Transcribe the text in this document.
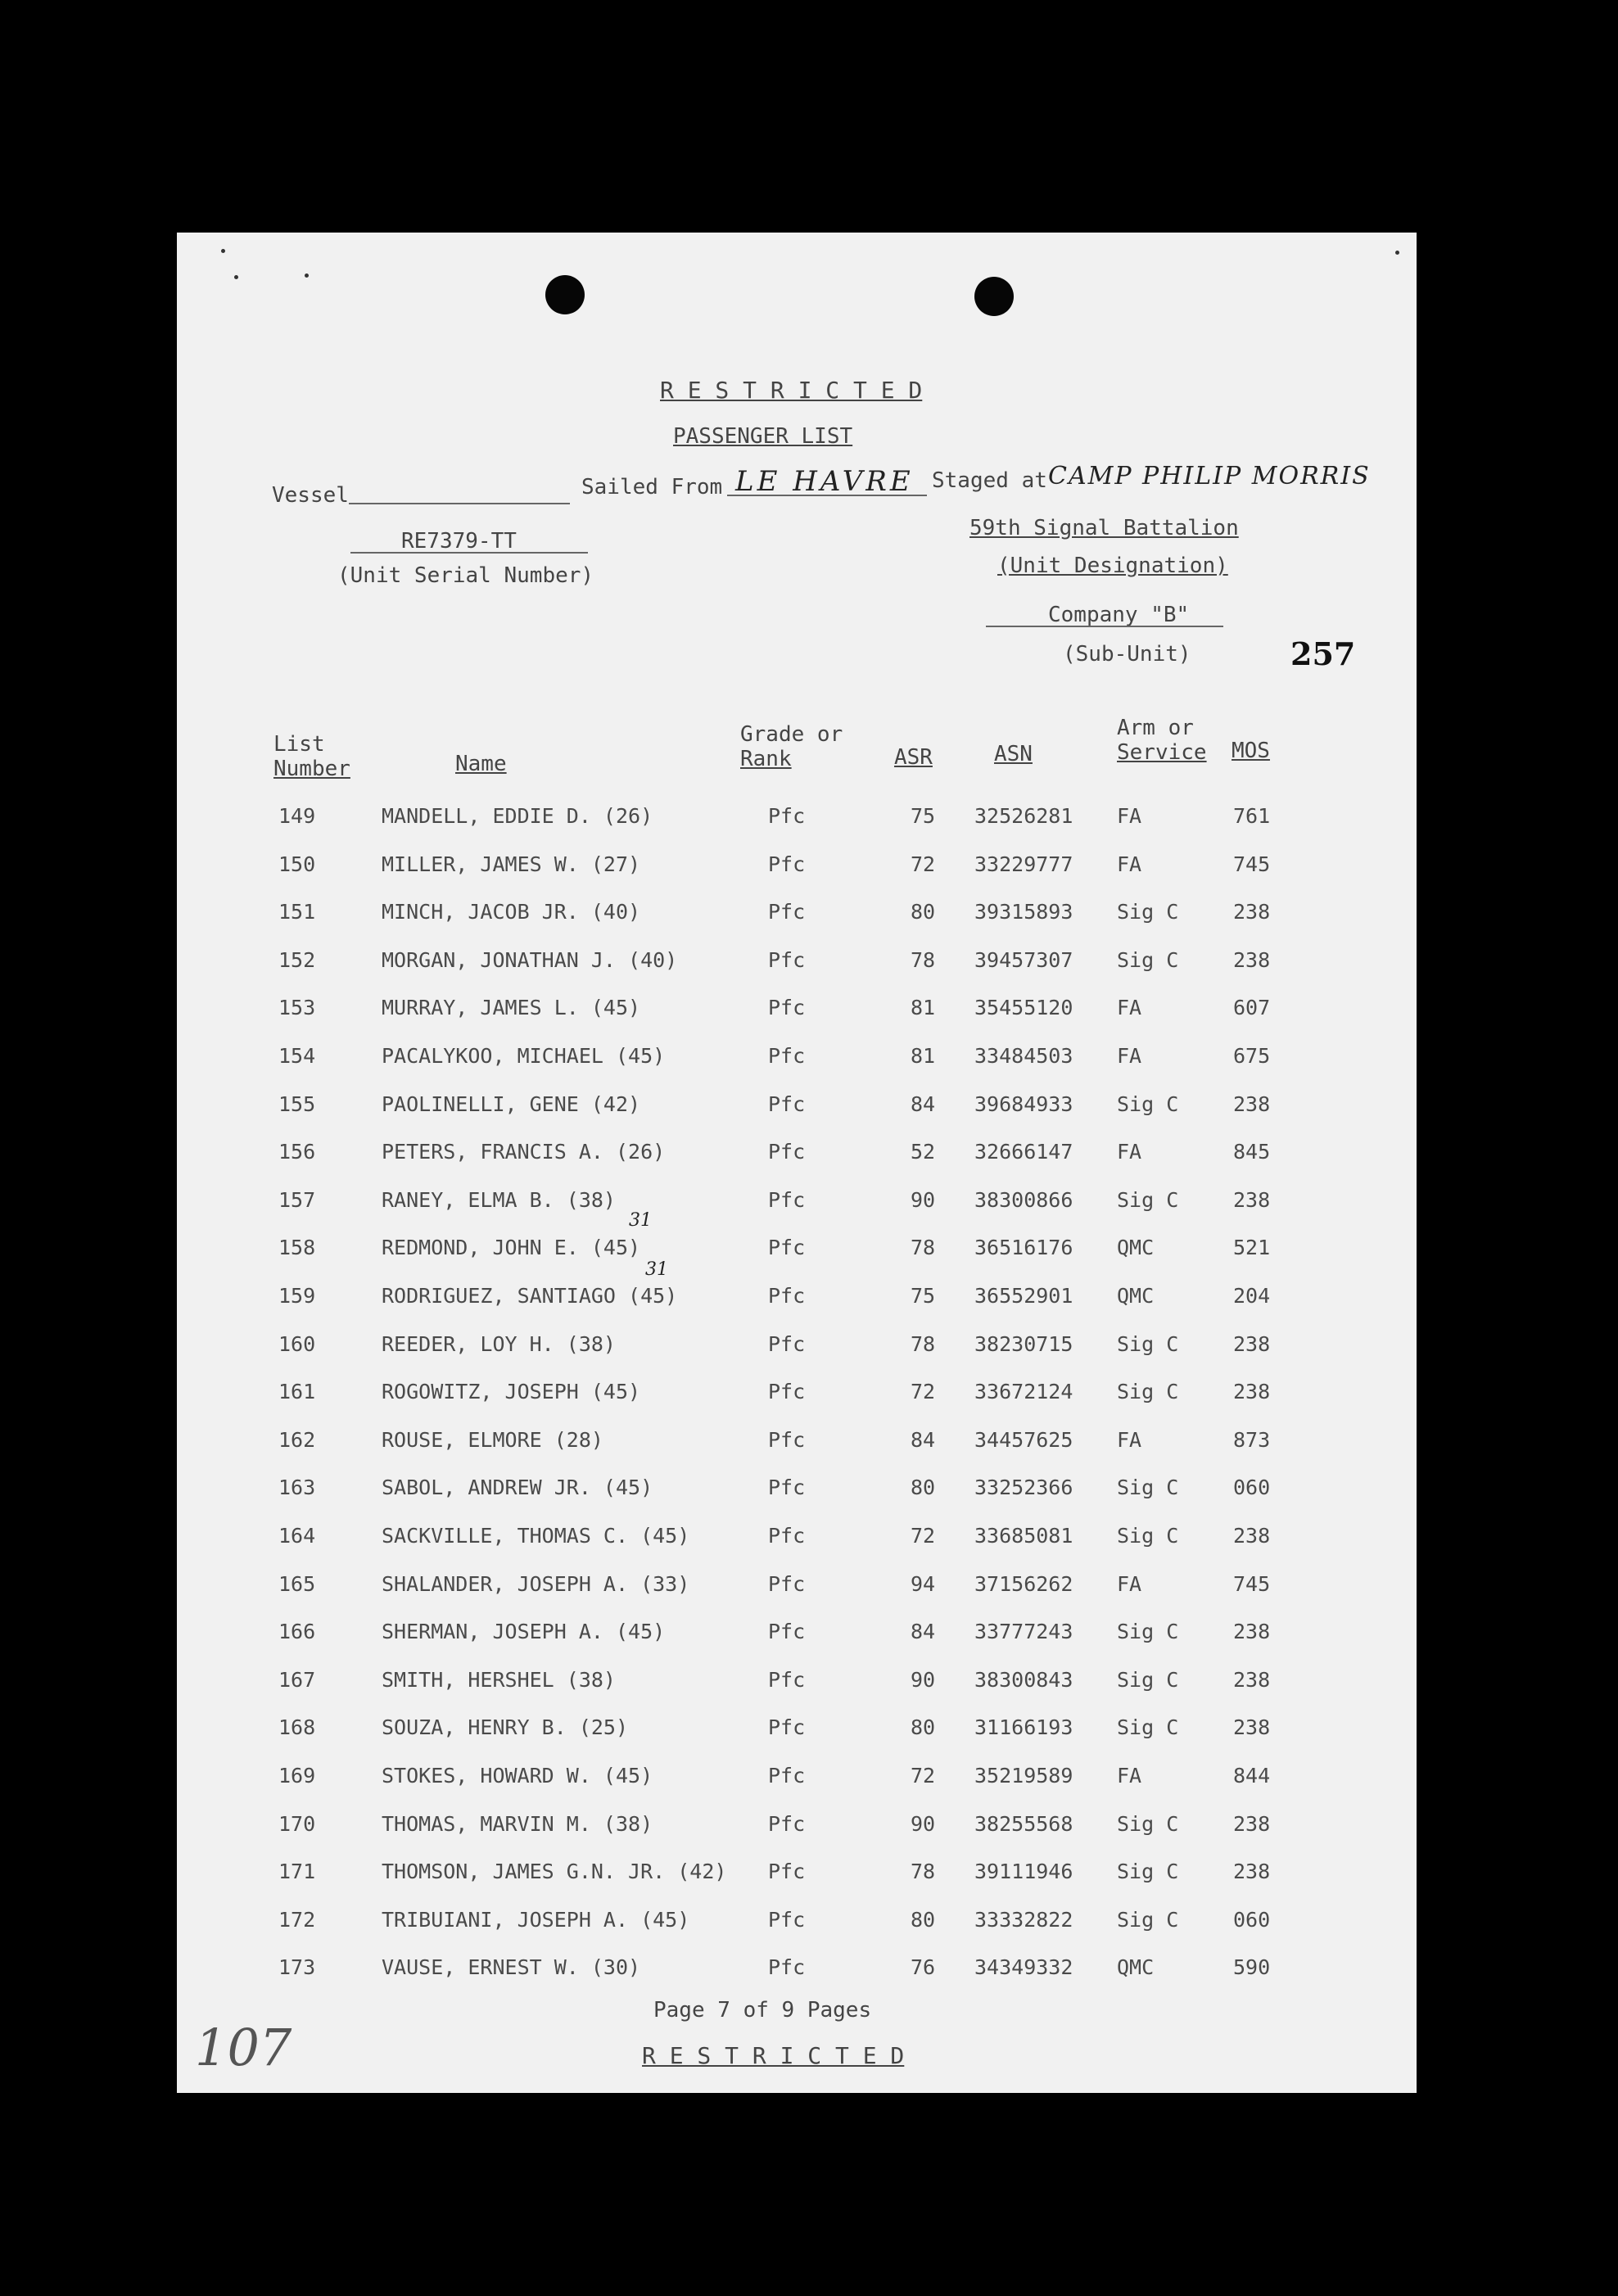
R E S T R I C T E D
PASSENGER LIST
Vessel	Sailed From LE HAVRE Staged at CAMP PHILIP MORRIS
RE7379-TT
(Unit Serial Number)
59th Signal Battalion
(Unit Designation)
Company "B"
(Sub-Unit)	257
List
Number	Name
Grade or
Rank	ASR	ASN
Arm or
Service MOS
149	MANDELL, EDDIE D. (26)	Pfc	75 32526281 FA	761
150	MILLER, JAMES W. (27)	Pfc	72 33229777 FA	745
151	MINCH, JACOB JR. (40)	Pfc	80 39315893 Sig C	238
152	MORGAN, JONATHAN J. (40)	Pfc	78 39457307 Sig C	238
153	MURRAY, JAMES L. (45)	Pfc	81 35455120 FA	607
154	PACALYKOO, MICHAEL (45)	Pfc	81 33484503 FA	675
155	PAOLINELLI, GENE (42)	Pfc	84 39684933 Sig C	238
156	PETERS, FRANCIS A. (26)	Pfc	52 32666147 FA	845
157	RANEY, ELMA B. (38)	Pfc	90 38300866 Sig C	238
158	REDMOND, JOHN E. (45)	Pfc	78 36516176 QMC	521
159	RODRIGUEZ, SANTIAGO (45)	Pfc	75 36552901 QMC	204
160	REEDER, LOY H. (38)	Pfc	78 38230715 Sig C	238
161	ROGOWITZ, JOSEPH (45)	Pfc	72 33672124 Sig C	238
162	ROUSE, ELMORE (28)	Pfc	84 34457625 FA	873
163	SABOL, ANDREW JR. (45)	Pfc	80 33252366 Sig C	060
164	SACKVILLE, THOMAS C. (45)	Pfc	72 33685081 Sig C	238
165	SHALANDER, JOSEPH A. (33)	Pfc	94 37156262 FA	745
166	SHERMAN, JOSEPH A. (45)	Pfc	84 33777243 Sig C	238
167	SMITH, HERSHEL (38)	Pfc	90 38300843 Sig C	238
168	SOUZA, HENRY B. (25)	Pfc	80 31166193 Sig C	238
169	STOKES, HOWARD W. (45)	Pfc	72 35219589 FA	844
170	THOMAS, MARVIN M. (38)	Pfc	90 38255568 Sig C	238
171	THOMSON, JAMES G.N. JR. (42) Pfc	78 39111946 Sig C	238
172	TRIBUIANI, JOSEPH A. (45)	Pfc	80 33332822 Sig C	060
173	VAUSE, ERNEST W. (30)	Pfc	76 34349332 QMC	590
31
31
Page 7 of 9 Pages
R E S T R I C T E D
107
